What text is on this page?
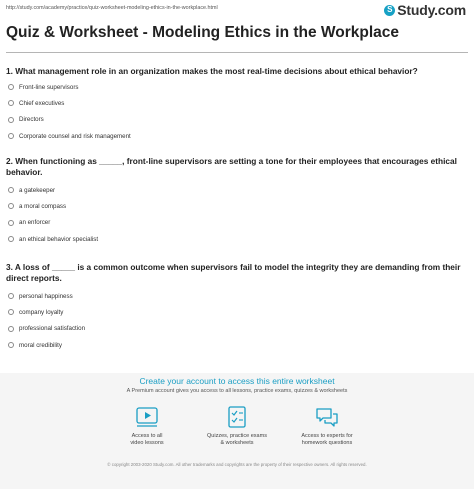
http://study.com/academy/practice/quiz-worksheet-modeling-ethics-in-the-workplace.html	S Study.com
Quiz & Worksheet - Modeling Ethics in the Workplace
1. What management role in an organization makes the most real-time decisions about ethical behavior?
Front-line supervisors
Chief executives
Directors
Corporate counsel and risk management
2. When functioning as _____, front-line supervisors are setting a tone for their employees that encourages ethical behavior.
a gatekeeper
a moral compass
an enforcer
an ethical behavior specialist
3. A loss of _____ is a common outcome when supervisors fail to model the integrity they are demanding from their direct reports.
personal happiness
company loyalty
professional satisfaction
moral credibility
Create your account to access this entire worksheet
A Premium account gives you access to all lessons, practice exams, quizzes & worksheets
Access to all
video lessons
Quizzes, practice exams
& worksheets
Access to experts for
homework questions
© copyright 2003-2020 Study.com. All other trademarks and copyrights are the property of their respective owners. All rights reserved.
